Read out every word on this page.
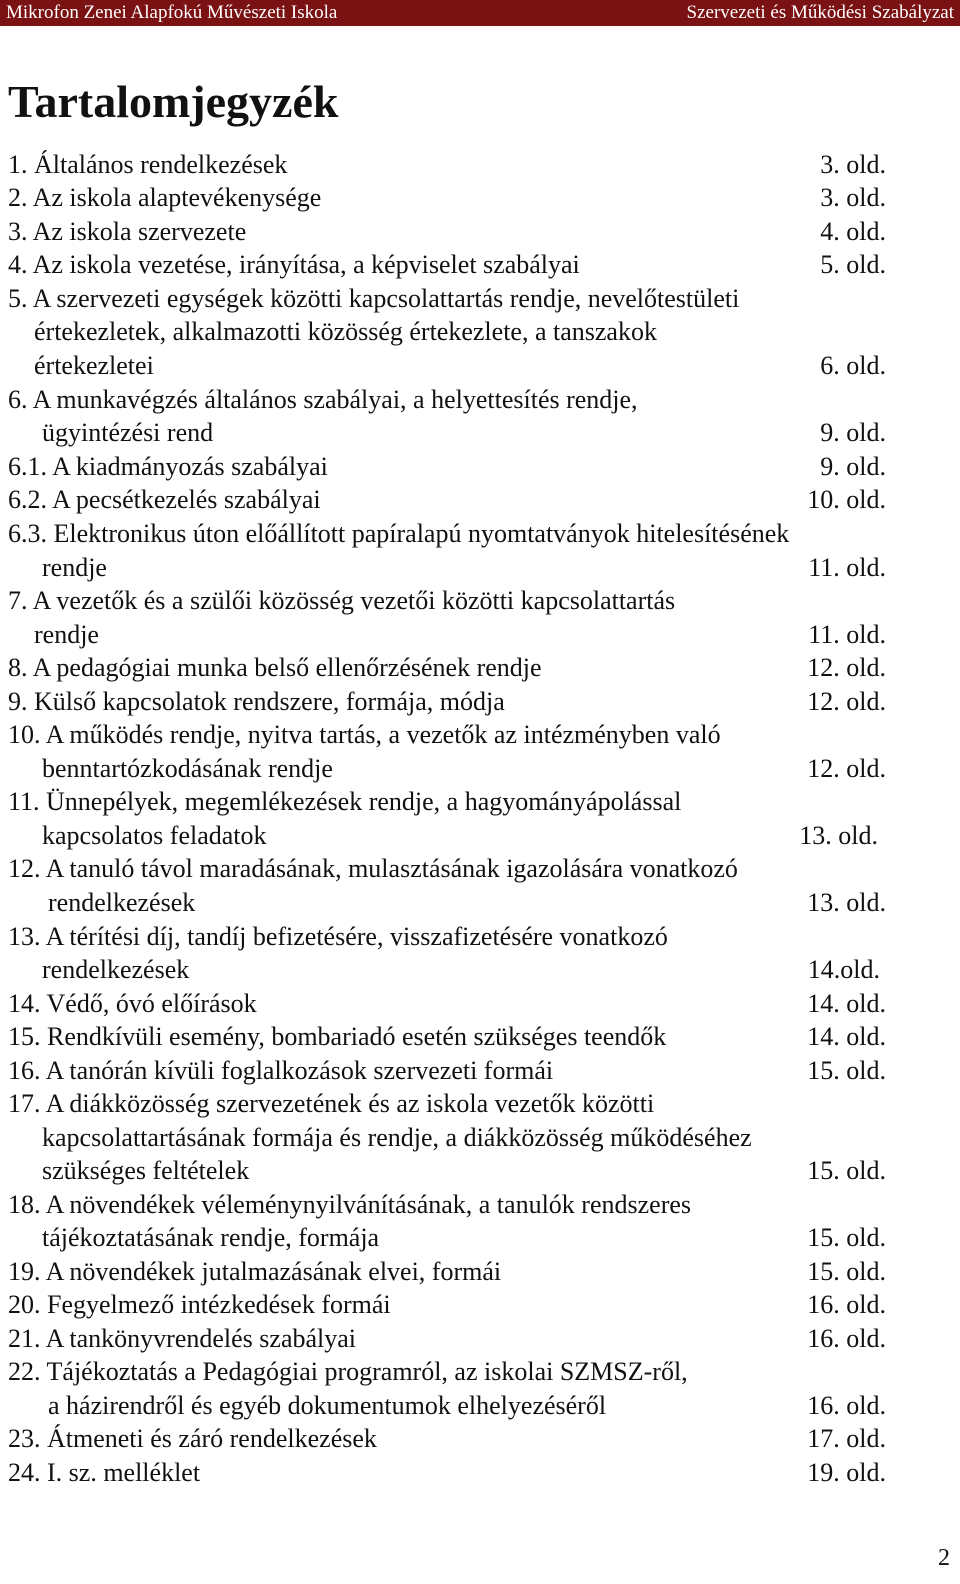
Mikrofon Zenei Alapfokú Művészeti Iskola	Szervezeti és Működési Szabályzat
Tartalomjegyzék
1. Általános rendelkezések	3. old.
2. Az iskola alaptevékenysége	3. old.
3. Az iskola szervezete	4. old.
4. Az iskola vezetése, irányítása, a képviselet szabályai	5. old.
5. A szervezeti egységek közötti kapcsolattartás rendje, nevelőtestületi
értekezletek, alkalmazotti közösség értekezlete, a tanszakok
értekezletei	6. old.
6. A munkavégzés általános szabályai, a helyettesítés rendje,
ügyintézési rend	9. old.
6.1. A kiadmányozás szabályai	9. old.
6.2. A pecsétkezelés szabályai	10. old.
6.3. Elektronikus úton előállított papíralapú nyomtatványok hitelesítésének
rendje	11. old.
7. A vezetők és a szülői közösség vezetői közötti kapcsolattartás
rendje	11. old.
8. A pedagógiai munka belső ellenőrzésének rendje	12. old.
9. Külső kapcsolatok rendszere, formája, módja	12. old.
10. A működés rendje, nyitva tartás, a vezetők az intézményben való
benntartózkodásának rendje	12. old.
11. Ünnepélyek, megemlékezések rendje, a hagyományápolással
kapcsolatos feladatok	13. old.
12. A tanuló távol maradásának, mulasztásának igazolására vonatkozó
rendelkezések	13. old.
13. A térítési díj, tandíj befizetésére, visszafizetésére vonatkozó
rendelkezések	14.old.
14. Védő, óvó előírások	14. old.
15. Rendkívüli esemény, bombariadó esetén szükséges teendők	14. old.
16. A tanórán kívüli foglalkozások szervezeti formái	15. old.
17. A diákközösség szervezetének és az iskola vezetők közötti
kapcsolattartásának formája és rendje, a diákközösség működéséhez
szükséges feltételek	15. old.
18. A növendékek véleménynyilvánításának, a tanulók rendszeres
tájékoztatásának rendje, formája	15. old.
19. A növendékek jutalmazásának elvei, formái	15. old.
20. Fegyelmező intézkedések formái	16. old.
21. A tankönyvrendelés szabályai	16. old.
22. Tájékoztatás a Pedagógiai programról, az iskolai SZMSZ-ről,
a házirendről és egyéb dokumentumok elhelyezéséről	16. old.
23. Átmeneti és záró rendelkezések	17. old.
24. I. sz. melléklet	19. old.
2
